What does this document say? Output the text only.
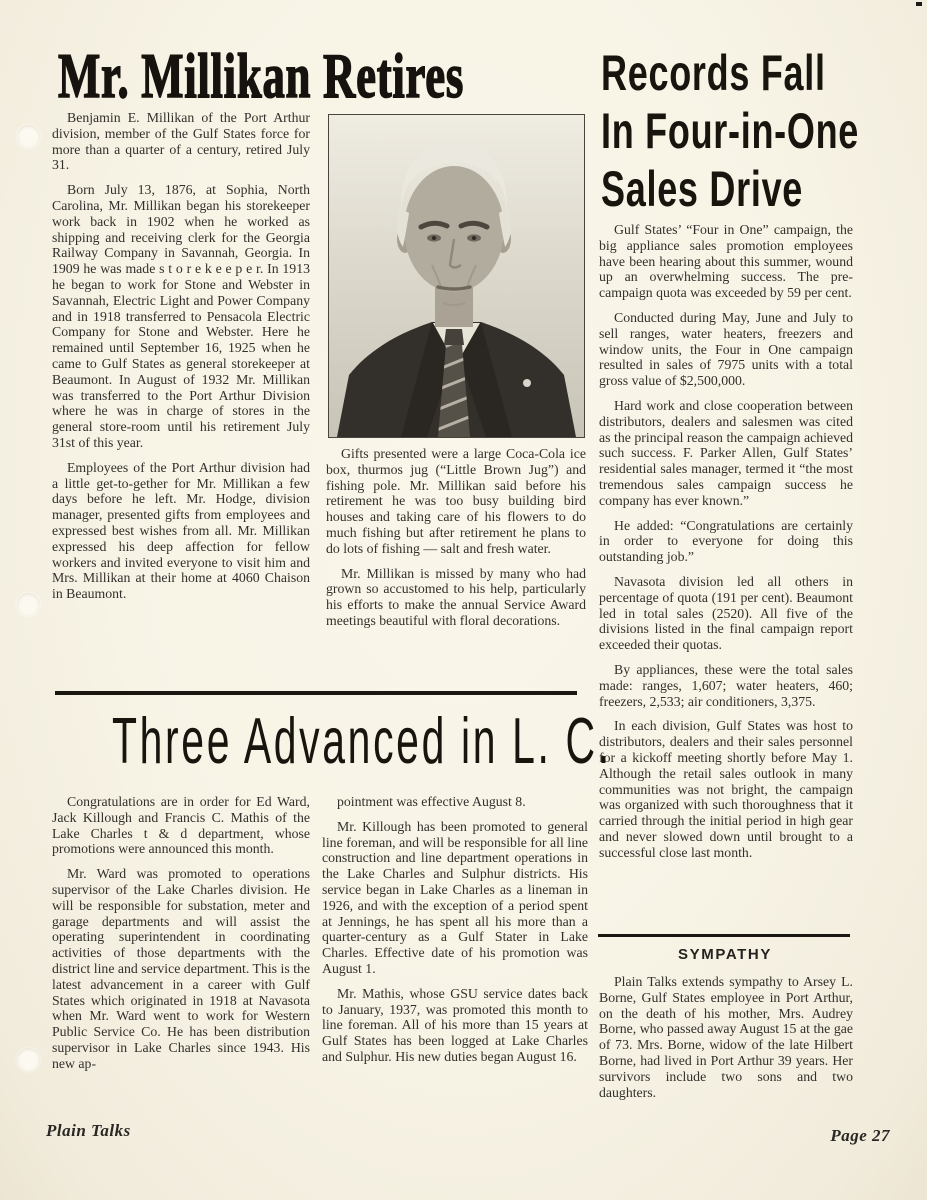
Mr. Millikan Retires

Benjamin E. Millikan of the Port Arthur division, member of the Gulf States force for more than a quarter of a century, retired July 31.

Born July 13, 1876, at Sophia, North Carolina, Mr. Millikan began his storekeeper work back in 1902 when he worked as shipping and receiving clerk for the Georgia Railway Company in Savannah, Georgia. In 1909 he was made s t o r e k e e p e r. In 1913 he began to work for Stone and Webster in Savannah, Electric Light and Power Company and in 1918 transferred to Pensacola Electric Company for Stone and Webster. Here he remained until September 16, 1925 when he came to Gulf States as general storekeeper at Beaumont. In August of 1932 Mr. Millikan was transferred to the Port Arthur Division where he was in charge of stores in the general store-room until his retirement July 31st of this year.

Employees of the Port Arthur division had a little get-to-gether for Mr. Millikan a few days before he left. Mr. Hodge, division manager, presented gifts from employees and expressed best wishes from all. Mr. Millikan expressed his deep affection for fellow workers and invited everyone to visit him and Mrs. Millikan at their home at 4060 Chaison in Beaumont.

Gifts presented were a large Coca-Cola ice box, thurmos jug (“Little Brown Jug”) and fishing pole. Mr. Millikan said before his retirement he was too busy building bird houses and taking care of his flowers to do much fishing but after retirement he plans to do lots of fishing — salt and fresh water.

Mr. Millikan is missed by many who had grown so accustomed to his help, particularly his efforts to make the annual Service Award meetings beautiful with floral decorations.

Records Fall
In Four-in-One
Sales Drive

Gulf States’ “Four in One” campaign, the big appliance sales promotion employees have been hearing about this summer, wound up an overwhelming success. The pre-campaign quota was exceeded by 59 per cent.

Conducted during May, June and July to sell ranges, water heaters, freezers and window units, the Four in One campaign resulted in sales of 7975 units with a total gross value of $2,500,000.

Hard work and close cooperation between distributors, dealers and salesmen was cited as the principal reason the campaign achieved such success. F. Parker Allen, Gulf States’ residential sales manager, termed it “the most tremendous sales campaign success he company has ever known.”

He added: “Congratulations are certainly in order to everyone for doing this outstanding job.”

Navasota division led all others in percentage of quota (191 per cent). Beaumont led in total sales (2520). All five of the divisions listed in the final campaign report exceeded their quotas.

By appliances, these were the total sales made: ranges, 1,607; water heaters, 460; freezers, 2,533; air conditioners, 3,375.

In each division, Gulf States was host to distributors, dealers and their sales personnel for a kickoff meeting shortly before May 1. Although the retail sales outlook in many communities was not bright, the campaign was organized with such thoroughness that it carried through the initial period in high gear and never slowed down until brought to a successful close last month.

Three Advanced in L. C.

Congratulations are in order for Ed Ward, Jack Killough and Francis C. Mathis of the Lake Charles t & d department, whose promotions were announced this month.

Mr. Ward was promoted to operations supervisor of the Lake Charles division. He will be responsible for substation, meter and garage departments and will assist the operating superintendent in coordinating activities of those departments with the district line and service department. This is the latest advancement in a career with Gulf States which originated in 1918 at Navasota when Mr. Ward went to work for Western Public Service Co. He has been distribution supervisor in Lake Charles since 1943. His new ap-

pointment was effective August 8.

Mr. Killough has been promoted to general line foreman, and will be responsible for all line construction and line department operations in the Lake Charles and Sulphur districts. His service began in Lake Charles as a lineman in 1926, and with the exception of a period spent at Jennings, he has spent all his more than a quarter-century as a Gulf Stater in Lake Charles. Effective date of his promotion was August 1.

Mr. Mathis, whose GSU service dates back to January, 1937, was promoted this month to line foreman. All of his more than 15 years at Gulf States has been logged at Lake Charles and Sulphur. His new duties began August 16.

SYMPATHY

Plain Talks extends sympathy to Arsey L. Borne, Gulf States employee in Port Arthur, on the death of his mother, Mrs. Audrey Borne, who passed away August 15 at the gae of 73. Mrs. Borne, widow of the late Hilbert Borne, had lived in Port Arthur 39 years. Her survivors include two sons and two daughters.

Plain Talks	Page 27
